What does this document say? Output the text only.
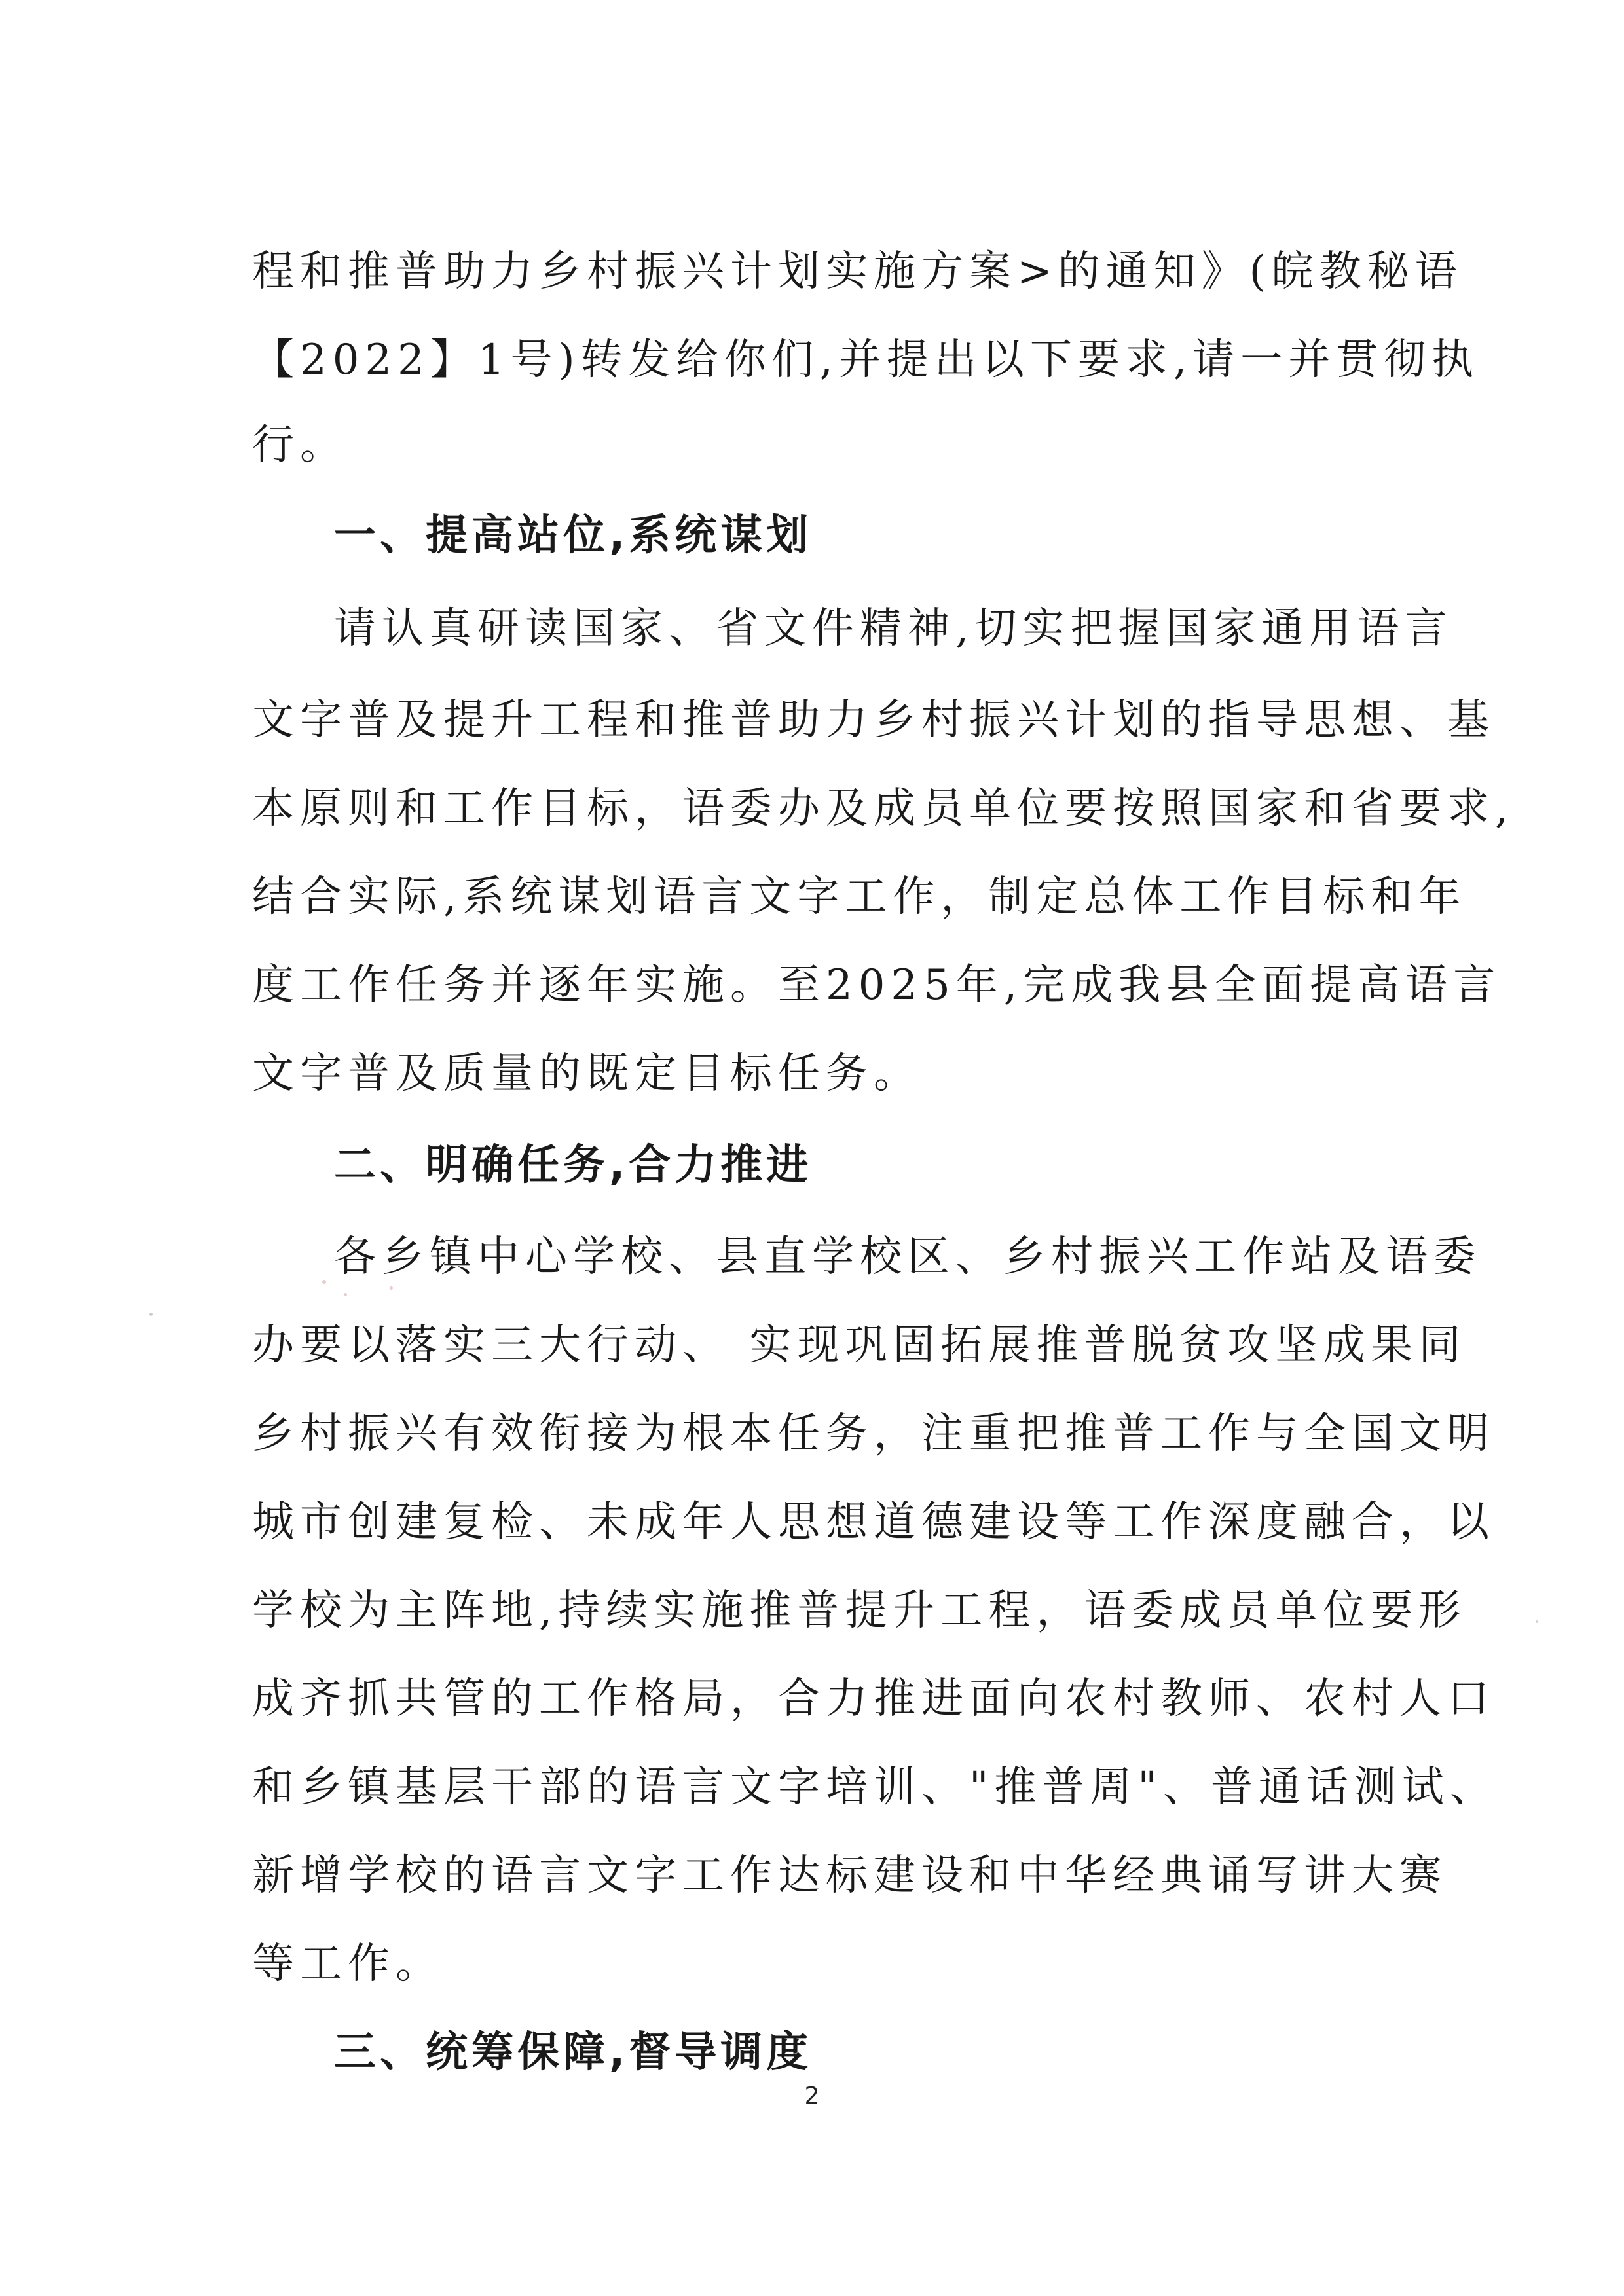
程和推普助力乡村振兴计划实施方案>的通知》(皖教秘语
【2022】1号)转发给你们,并提出以下要求,请一并贯彻执
行。
一、提高站位,系统谋划
请认真研读国家、省文件精神,切实把握国家通用语言
文字普及提升工程和推普助力乡村振兴计划的指导思想、基
本原则和工作目标，语委办及成员单位要按照国家和省要求,
结合实际,系统谋划语言文字工作，制定总体工作目标和年
度工作任务并逐年实施。至2025年,完成我县全面提高语言
文字普及质量的既定目标任务。
二、明确任务,合力推进
各乡镇中心学校、县直学校区、乡村振兴工作站及语委
办要以落实三大行动、 实现巩固拓展推普脱贫攻坚成果同
乡村振兴有效衔接为根本任务，注重把推普工作与全国文明
城市创建复检、未成年人思想道德建设等工作深度融合，以
学校为主阵地,持续实施推普提升工程，语委成员单位要形
成齐抓共管的工作格局，合力推进面向农村教师、农村人口
和乡镇基层干部的语言文字培训、"推普周"、普通话测试、
新增学校的语言文字工作达标建设和中华经典诵写讲大赛
等工作。
三、统筹保障,督导调度
2
